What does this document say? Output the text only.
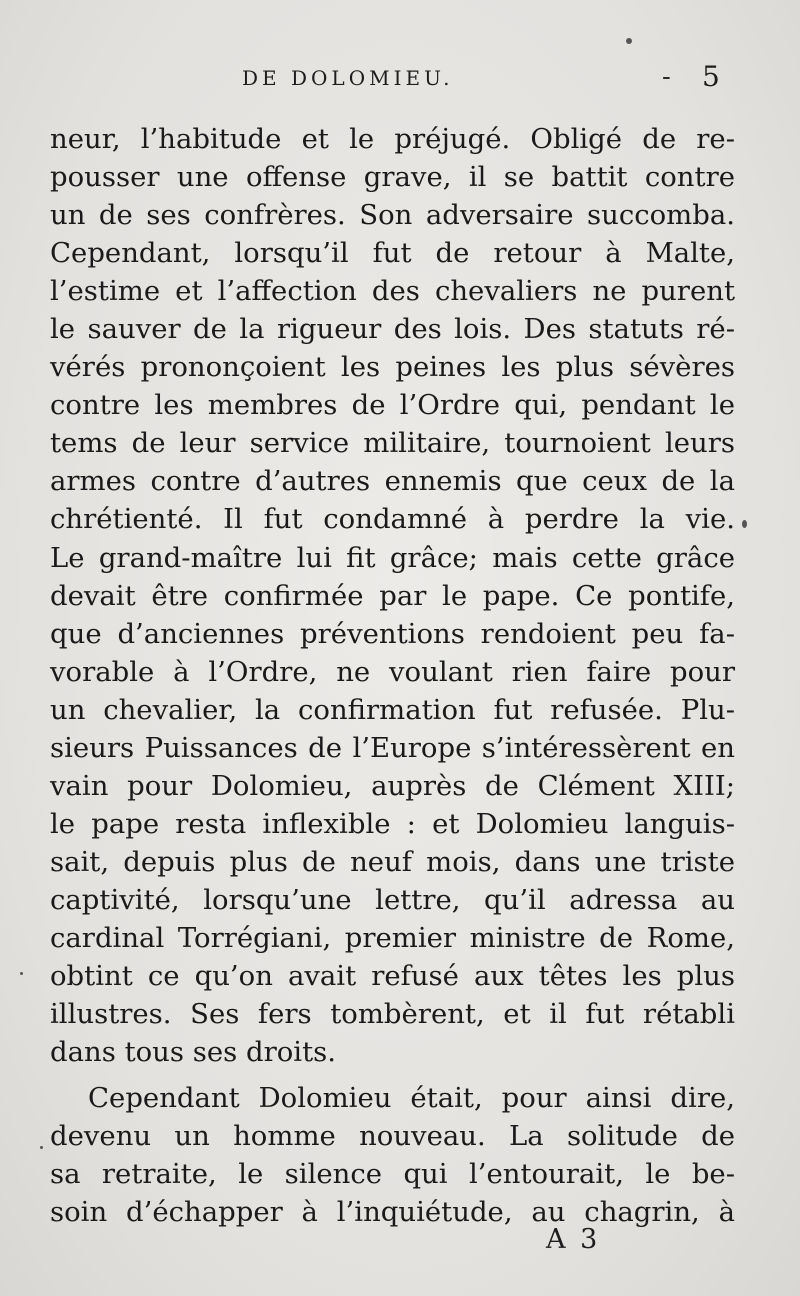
DE DOLOMIEU.	- 5
neur, l’habitude et le préjugé. Obligé de re-
pousser une offense grave, il se battit contre
un de ses confrères. Son adversaire succomba.
Cependant, lorsqu’il fut de retour à Malte,
l’estime et l’affection des chevaliers ne purent
le sauver de la rigueur des lois. Des statuts ré-
vérés prononçoient les peines les plus sévères
contre les membres de l’Ordre qui, pendant le
tems de leur service militaire, tournoient leurs
armes contre d’autres ennemis que ceux de la
chrétienté. Il fut condamné à perdre la vie.
Le grand-maître lui fit grâce; mais cette grâce
devait être confirmée par le pape. Ce pontife,
que d’anciennes préventions rendoient peu fa-
vorable à l’Ordre, ne voulant rien faire pour
un chevalier, la confirmation fut refusée. Plu-
sieurs Puissances de l’Europe s’intéressèrent en
vain pour Dolomieu, auprès de Clément XIII;
le pape resta inflexible : et Dolomieu languis-
sait, depuis plus de neuf mois, dans une triste
captivité, lorsqu’une lettre, qu’il adressa au
cardinal Torrégiani, premier ministre de Rome,
obtint ce qu’on avait refusé aux têtes les plus
illustres. Ses fers tombèrent, et il fut rétabli
dans tous ses droits.
Cependant Dolomieu était, pour ainsi dire,
devenu un homme nouveau. La solitude de
sa retraite, le silence qui l’entourait, le be-
soin d’échapper à l’inquiétude, au chagrin, à
A 3
